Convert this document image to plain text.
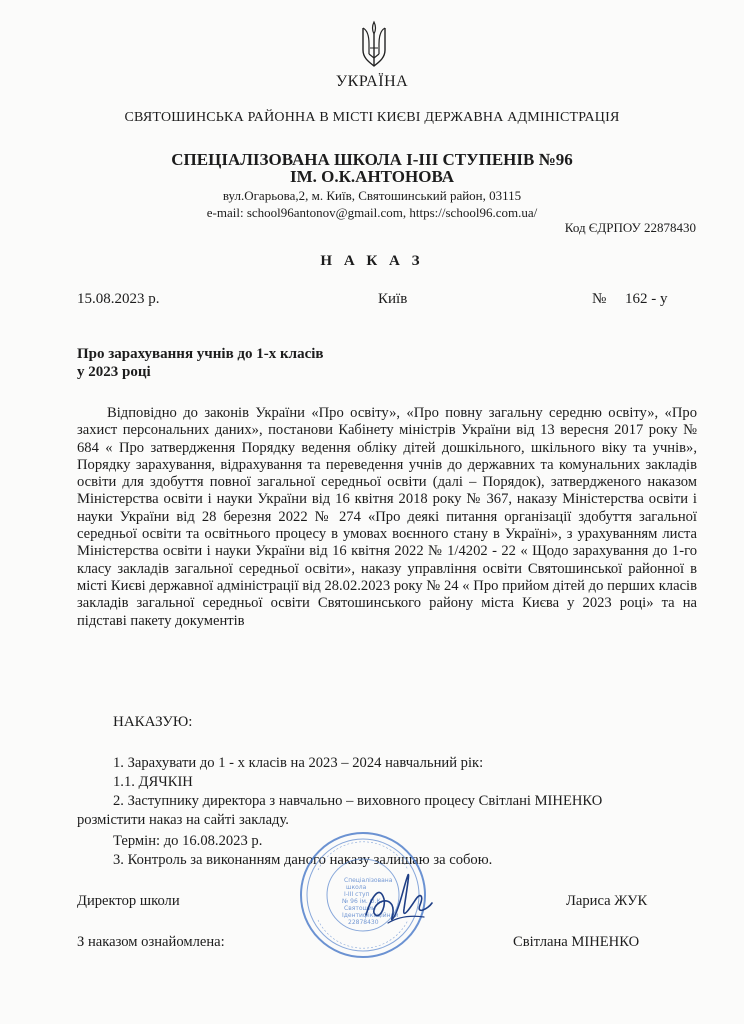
УКРАЇНА
СВЯТОШИНСЬКА РАЙОННА В МІСТІ КИЄВІ ДЕРЖАВНА АДМІНІСТРАЦІЯ
СПЕЦІАЛІЗОВАНА ШКОЛА І-ІІІ СТУПЕНІВ №96
ІМ. О.К.АНТОНОВА
вул.Огарьова,2, м. Київ, Святошинський район, 03115
e-mail: school96antonov@gmail.com, https://school96.com.ua/
Код ЄДРПОУ 22878430
Н А К А З
15.08.2023 р.	Київ	№ 162 - у
Про зарахування учнів до 1-х класів
у 2023 році
Відповідно до законів України «Про освіту», «Про повну загальну середню освіту», «Про захист персональних даних», постанови Кабінету міністрів України від 13 вересня 2017 року № 684 « Про затвердження Порядку ведення обліку дітей дошкільного, шкільного віку та учнів», Порядку зарахування, відрахування та переведення учнів до державних та комунальних закладів освіти для здобуття повної загальної середньої освіти (далі – Порядок), затвердженого наказом Міністерства освіти і науки України від 16 квітня 2018 року № 367, наказу Міністерства освіти і науки України від 28 березня 2022 № 274 «Про деякі питання організації здобуття загальної середньої освіти та освітнього процесу в умовах воєнного стану в Україні», з урахуванням листа Міністерства освіти і науки України від 16 квітня 2022 № 1/4202 - 22 « Щодо зарахування до 1-го класу закладів загальної середньої освіти», наказу управління освіти Святошинської районної в місті Києві державної адміністрації від 28.02.2023 року № 24 « Про прийом дітей до перших класів закладів загальної середньої освіти Святошинського району міста Києва у 2023 році» та на підставі пакету документів
НАКАЗУЮ:
1. Зарахувати до 1 - х класів на 2023 – 2024 навчальний рік:
1.1. ДЯЧКІН
2. Заступнику директора з навчально – виховного процесу Світлані МІНЕНКО
розмістити наказ на сайті закладу.
Термін: до 16.08.2023 р.
3. Контроль за виконанням даного наказу залишаю за собою.
Директор школи	Лариса ЖУК
З наказом ознайомлена:	Світлана МІНЕНКО
Спеціалізована
школа
І-ІІІ ступ
№ 96 ім. О.К.
Святошин
Ідентифікаційний
22878430
